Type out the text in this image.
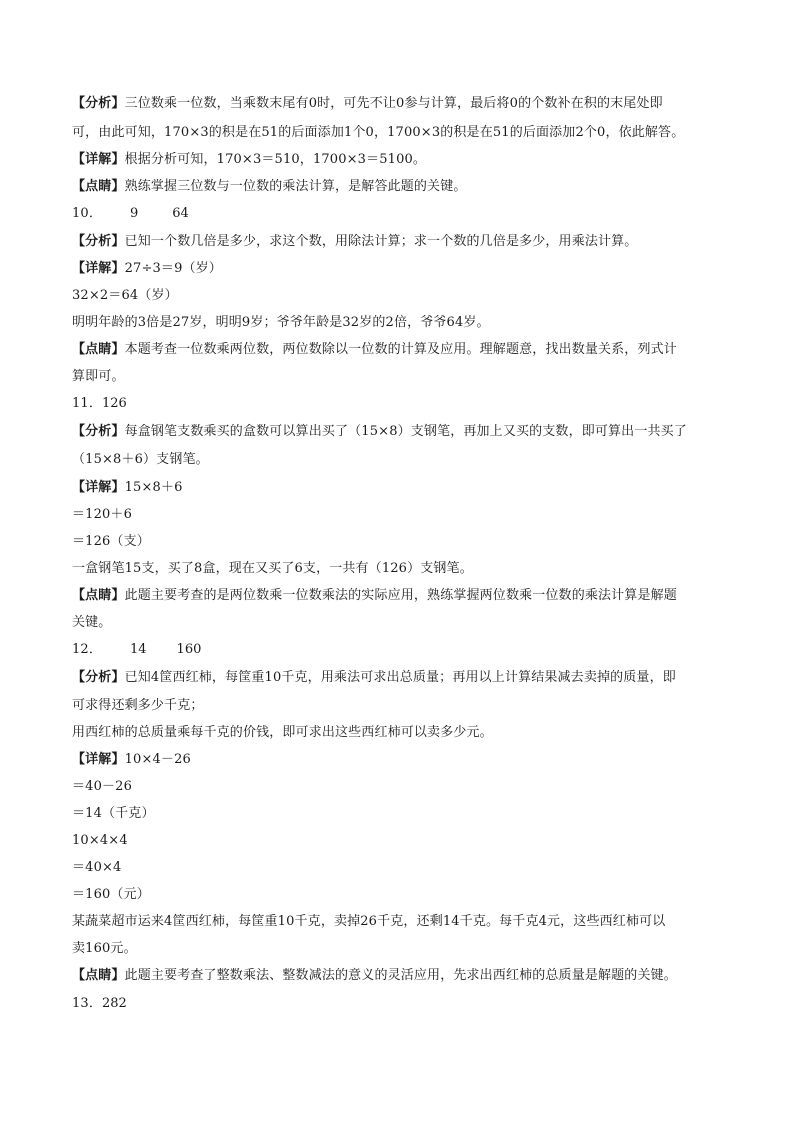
【分析】三位数乘一位数，当乘数末尾有0时，可先不让0参与计算，最后将0的个数补在积的末尾处即
可，由此可知，170×3的积是在51的后面添加1个0，1700×3的积是在51的后面添加2个0，依此解答。
【详解】根据分析可知，170×3＝510，1700×3＝5100。
【点睛】熟练掌握三位数与一位数的乘法计算，是解答此题的关键。
10． 9	64
【分析】已知一个数几倍是多少，求这个数，用除法计算；求一个数的几倍是多少，用乘法计算。
【详解】27÷3＝9（岁）
32×2＝64（岁）
明明年龄的3倍是27岁，明明9岁；爷爷年龄是32岁的2倍，爷爷64岁。
【点睛】本题考查一位数乘两位数，两位数除以一位数的计算及应用。理解题意，找出数量关系，列式计
算即可。
11．126
【分析】每盒钢笔支数乘买的盒数可以算出买了（15×8）支钢笔，再加上又买的支数，即可算出一共买了
（15×8＋6）支钢笔。
【详解】15×8＋6
＝120＋6
＝126（支）
一盒钢笔15支，买了8盒，现在又买了6支，一共有（126）支钢笔。
【点睛】此题主要考查的是两位数乘一位数乘法的实际应用，熟练掌握两位数乘一位数的乘法计算是解题
关键。
12． 14 160
【分析】已知4筐西红柿，每筐重10千克，用乘法可求出总质量；再用以上计算结果减去卖掉的质量，即
可求得还剩多少千克；
用西红柿的总质量乘每千克的价钱，即可求出这些西红柿可以卖多少元。
【详解】10×4－26
＝40－26
＝14（千克）
10×4×4
＝40×4
＝160（元）
某蔬菜超市运来4筐西红柿，每筐重10千克，卖掉26千克，还剩14千克。每千克4元，这些西红柿可以
卖160元。
【点睛】此题主要考查了整数乘法、整数减法的意义的灵活应用，先求出西红柿的总质量是解题的关键。
13．282
